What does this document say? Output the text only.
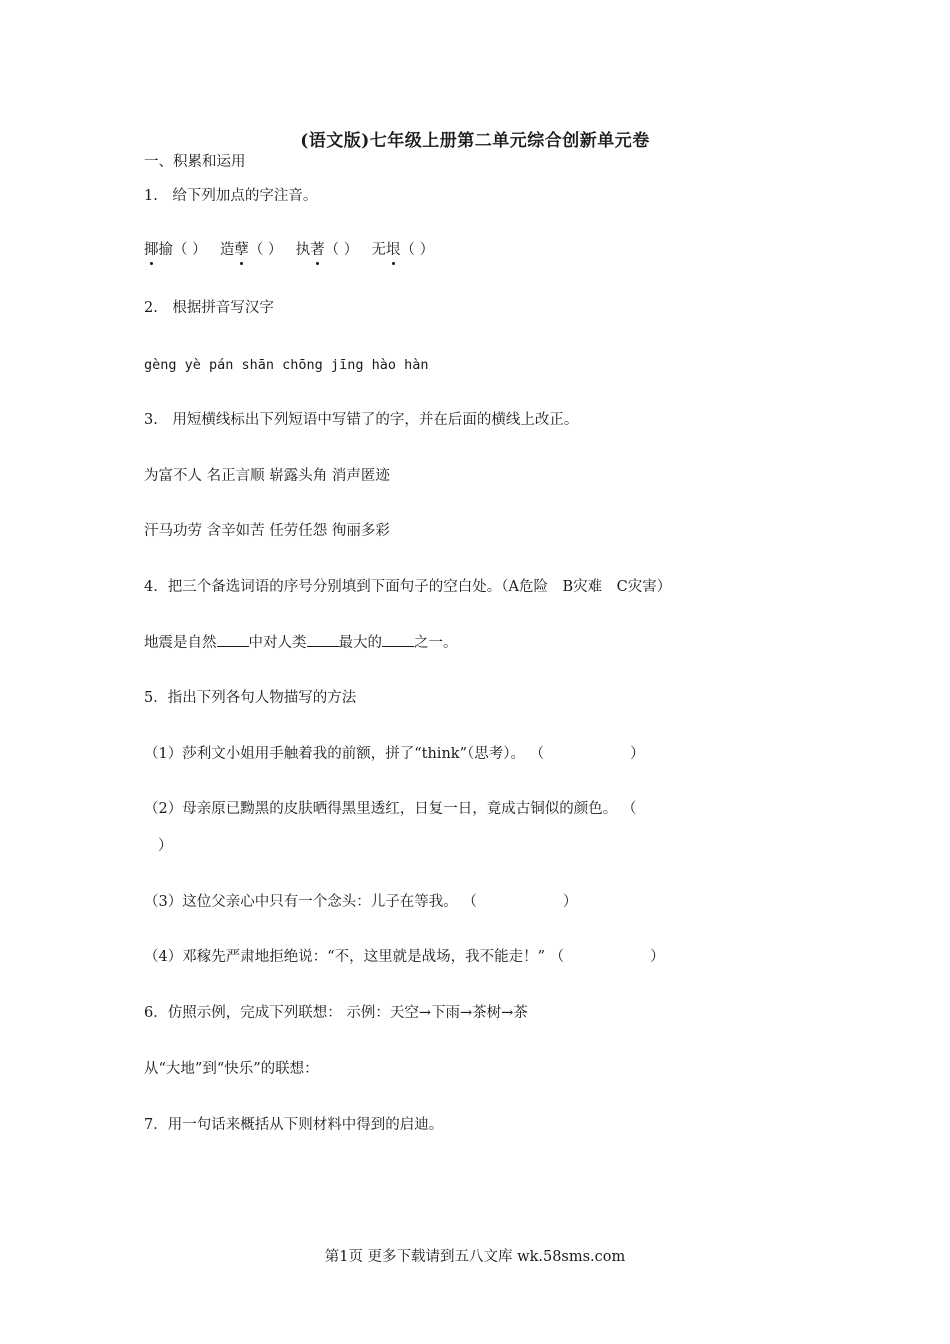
(语文版)七年级上册第二单元综合创新单元卷
一、积累和运用
1.　给下列加点的字注音。
揶揄（ ） 造孽（ ） 执著（ ） 无垠（ ）
2.　根据拼音写汉字
gèng yè pán shān chōng jīng hào hàn
3.　用短横线标出下列短语中写错了的字，并在后面的横线上改正。
为富不人 名正言顺 崭露头角 消声匿迹
汗马功劳 含辛如苦 任劳任怨 徇丽多彩
4．把三个备选词语的序号分别填到下面句子的空白处。（A危险　B灾难　C灾害）
地震是自然 中对人类 最大的 之一。
5．指出下列各句人物描写的方法
（1）莎利文小姐用手触着我的前额，拼了“think”（思考）。 （	）
（2）母亲原已黝黑的皮肤晒得黑里透红，日复一日，竟成古铜似的颜色。 （
）
（3）这位父亲心中只有一个念头：儿子在等我。 （	）
（4）邓稼先严肃地拒绝说：“不，这里就是战场，我不能走！” （	）
6．仿照示例，完成下列联想： 示例：天空→下雨→茶树→茶
从“大地”到“快乐”的联想：
7．用一句话来概括从下则材料中得到的启迪。
第1页 更多下载请到五八文库 wk.58sms.com
